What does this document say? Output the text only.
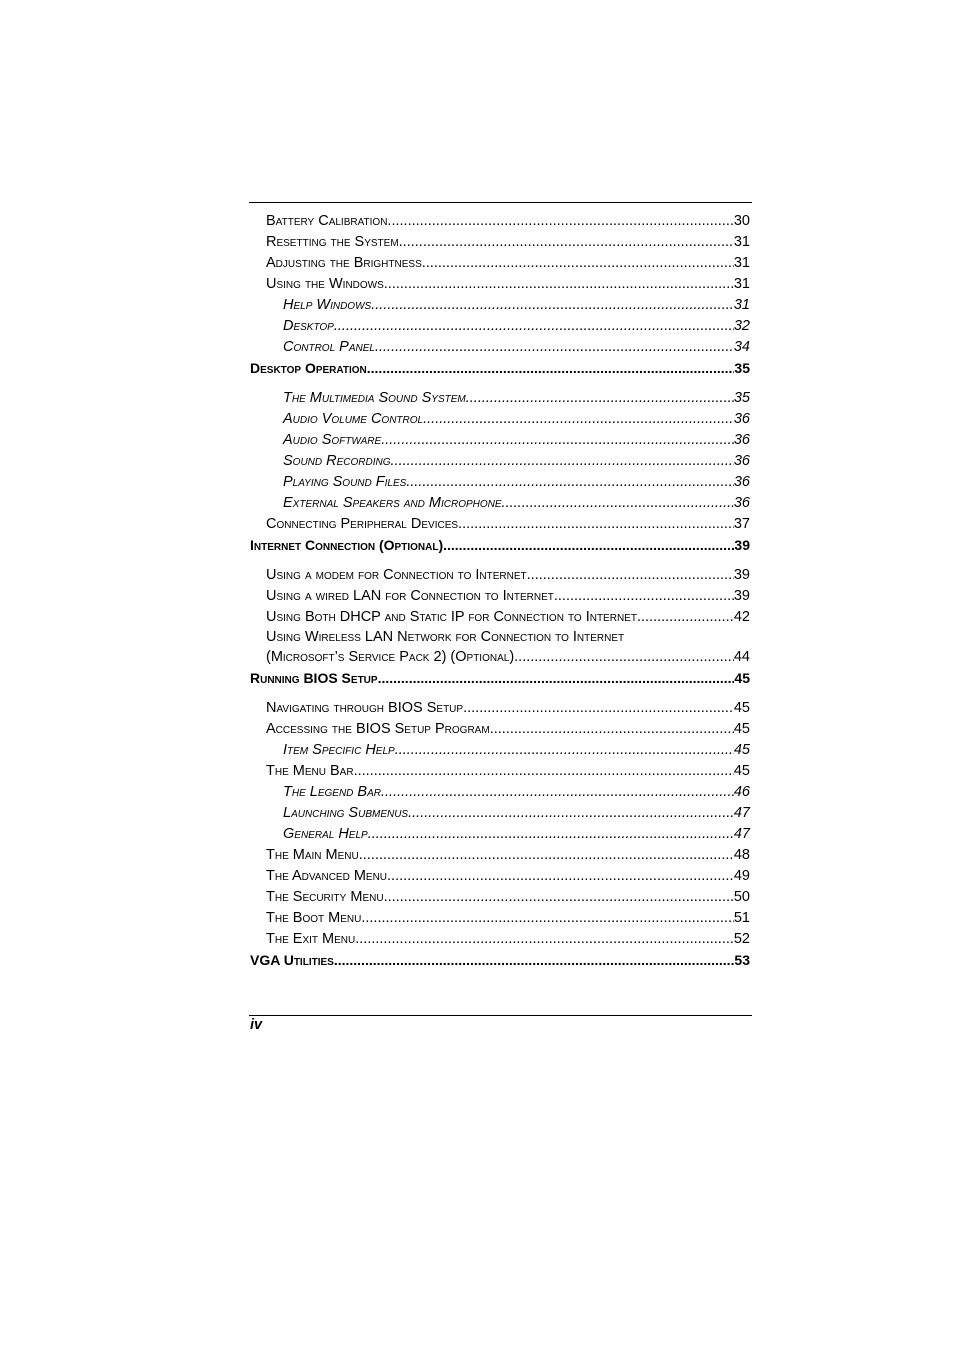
Battery Calibration .....	30
Resetting the System .....	31
Adjusting the Brightness .....	31
Using the Windows .....	31
Help Windows .....	31
Desktop .....	32
Control Panel .....	34
Desktop Operation .....	35
The Multimedia Sound System .....	35
Audio Volume Control .....	36
Audio Software .....	36
Sound Recording .....	36
Playing Sound Files .....	36
External Speakers and Microphone .....	36
Connecting Peripheral Devices .....	37
Internet Connection (Optional) .....	39
Using a modem for Connection to Internet .....	39
Using a wired LAN for Connection to Internet .....	39
Using Both DHCP and Static IP for Connection to Internet .....	42
Using Wireless LAN Network for Connection to Internet
(Microsoft’s Service Pack 2) (Optional) .....	44
Running BIOS Setup .....	45
Navigating through BIOS Setup .....	45
Accessing the BIOS Setup Program .....	45
Item Specific Help .....	45
The Menu Bar .....	45
The Legend Bar .....	46
Launching Submenus .....	47
General Help .....	47
The Main Menu .....	48
The Advanced Menu .....	49
The Security Menu .....	50
The Boot Menu .....	51
The Exit Menu .....	52
VGA Utilities .....	53
iv
